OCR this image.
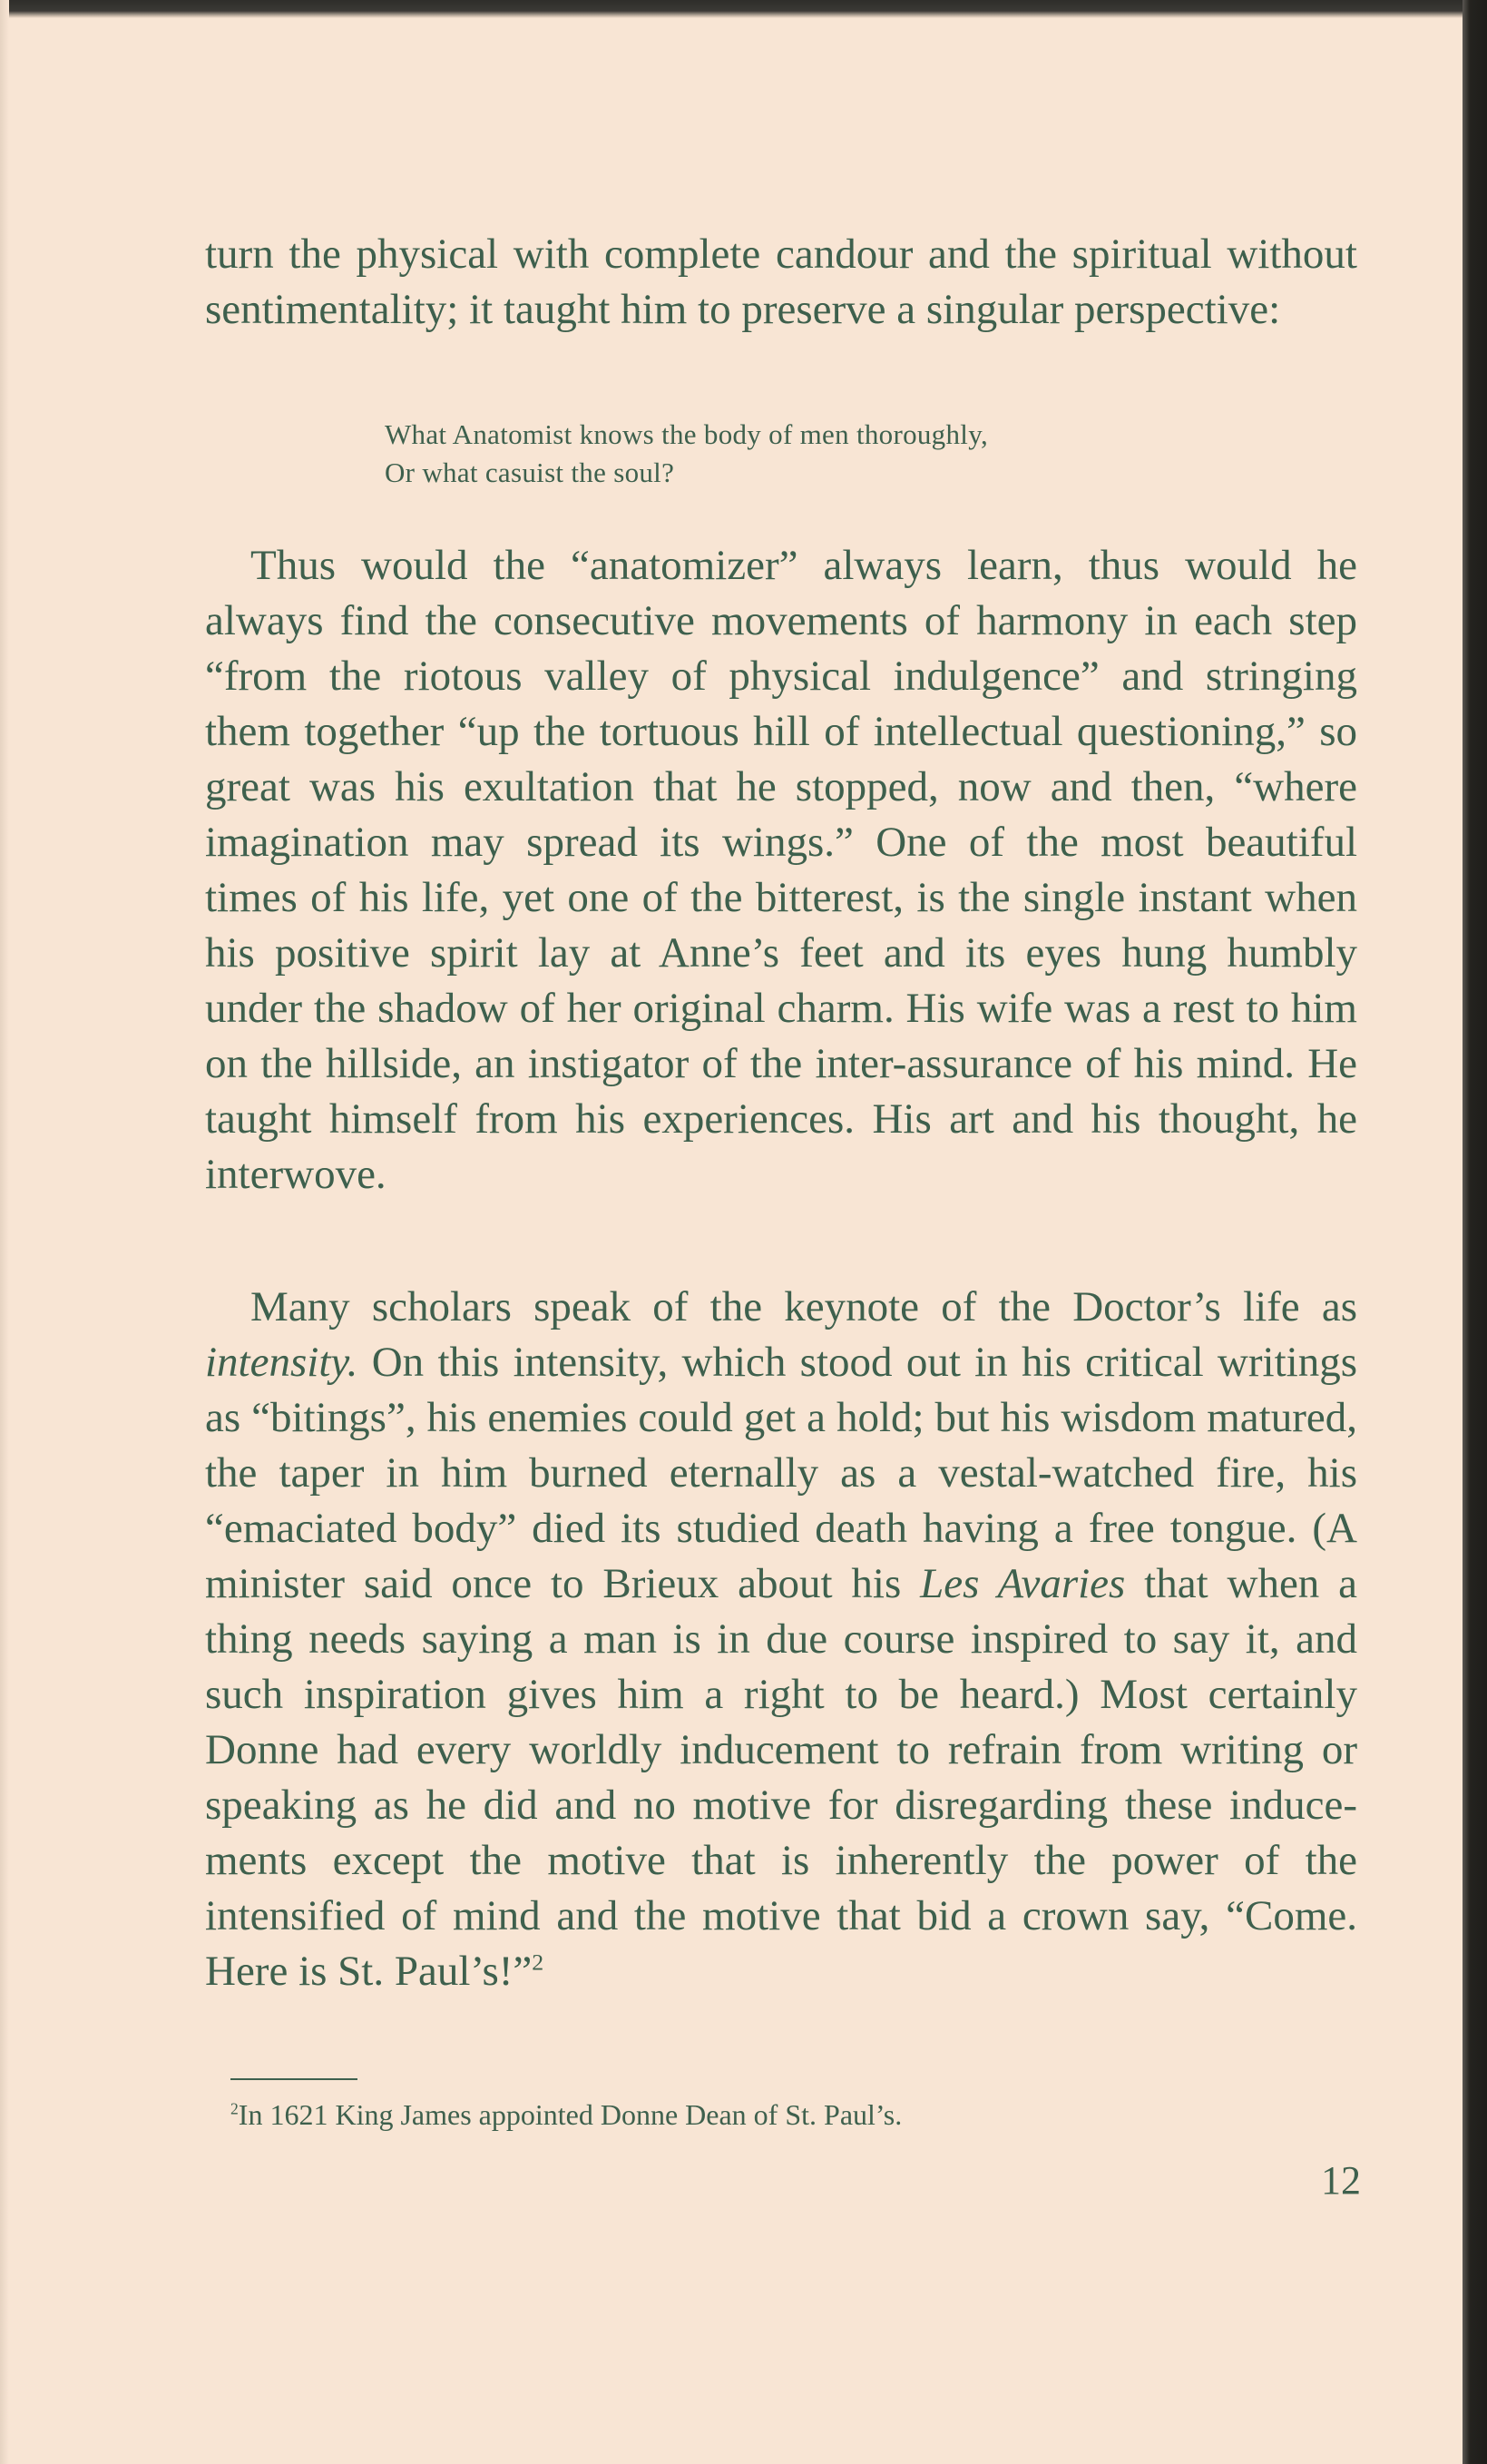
turn the physical with complete candour and the spiritual without sentimentality; it taught him to preserve a singular perspective:

What Anatomist knows the body of men thoroughly,
Or what casuist the soul?

Thus would the “anatomizer” always learn, thus would he always find the consecutive movements of harmony in each step “from the riotous valley of physical indulgence” and stringing them together “up the tortuous hill of intellectual questioning,” so great was his exultation that he stopped, now and then, “where imagination may spread its wings.” One of the most beautiful times of his life, yet one of the bitterest, is the single instant when his positive spirit lay at Anne’s feet and its eyes hung humbly under the shadow of her original charm. His wife was a rest to him on the hillside, an instigator of the inter-assurance of his mind. He taught himself from his experiences. His art and his thought, he interwove.

Many scholars speak of the keynote of the Doctor’s life as intensity. On this intensity, which stood out in his critical writings as “bitings”, his enemies could get a hold; but his wisdom matured, the taper in him burned eternally as a vestal-watched fire, his “emaciated body” died its studied death having a free tongue. (A minister said once to Brieux about his Les Avaries that when a thing needs saying a man is in due course inspired to say it, and such inspiration gives him a right to be heard.) Most certainly Donne had every worldly inducement to refrain from writing or speaking as he did and no motive for disregarding these inducements except the motive that is inherently the power of the intensified of mind and the motive that bid a crown say, “Come. Here is St. Paul’s!”$^2$

$^2$In 1621 King James appointed Donne Dean of St. Paul’s.

12
